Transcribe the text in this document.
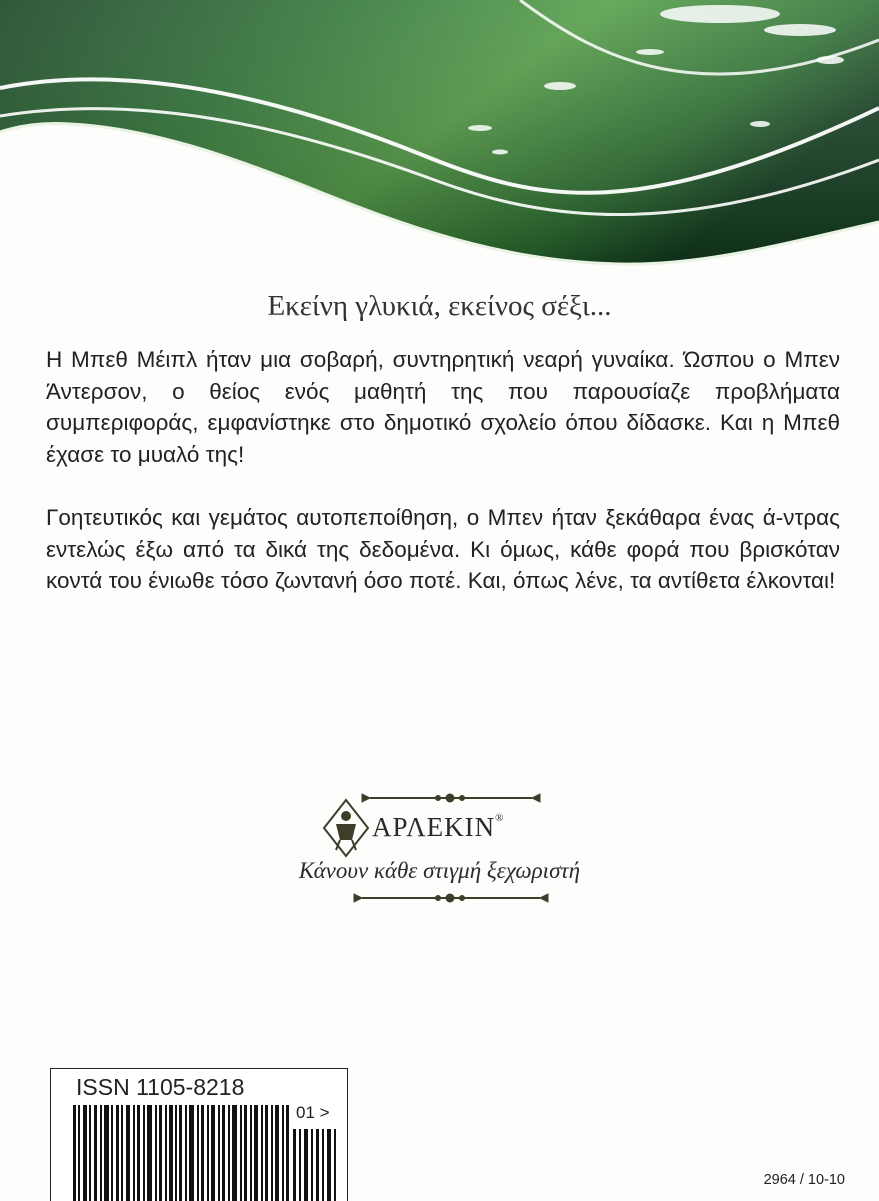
Εκείνη γλυκιά, εκείνος σέξι...
Η Μπεθ Μέιπλ ήταν μια σοβαρή, συντηρητική νεαρή γυναίκα. Ώσπου ο Μπεν Άντερσον, ο θείος ενός μαθητή της που παρουσίαζε προβλήματα συμπεριφοράς, εμφανίστηκε στο δημοτικό σχολείο όπου δίδασκε. Και η Μπεθ έχασε το μυαλό της!
Γοητευτικός και γεμάτος αυτοπεποίθηση, ο Μπεν ήταν ξεκάθαρα ένας ά-ντρας εντελώς έξω από τα δικά της δεδομένα. Κι όμως, κάθε φορά που βρισκόταν κοντά του ένιωθε τόσο ζωντανή όσο ποτέ. Και, όπως λένε, τα αντίθετα έλκονται!
ΑΡΛΕΚΙΝ®
Κάνουν κάθε στιγμή ξεχωριστή
ISSN 1105-8218
01 >
2964 / 10-10
